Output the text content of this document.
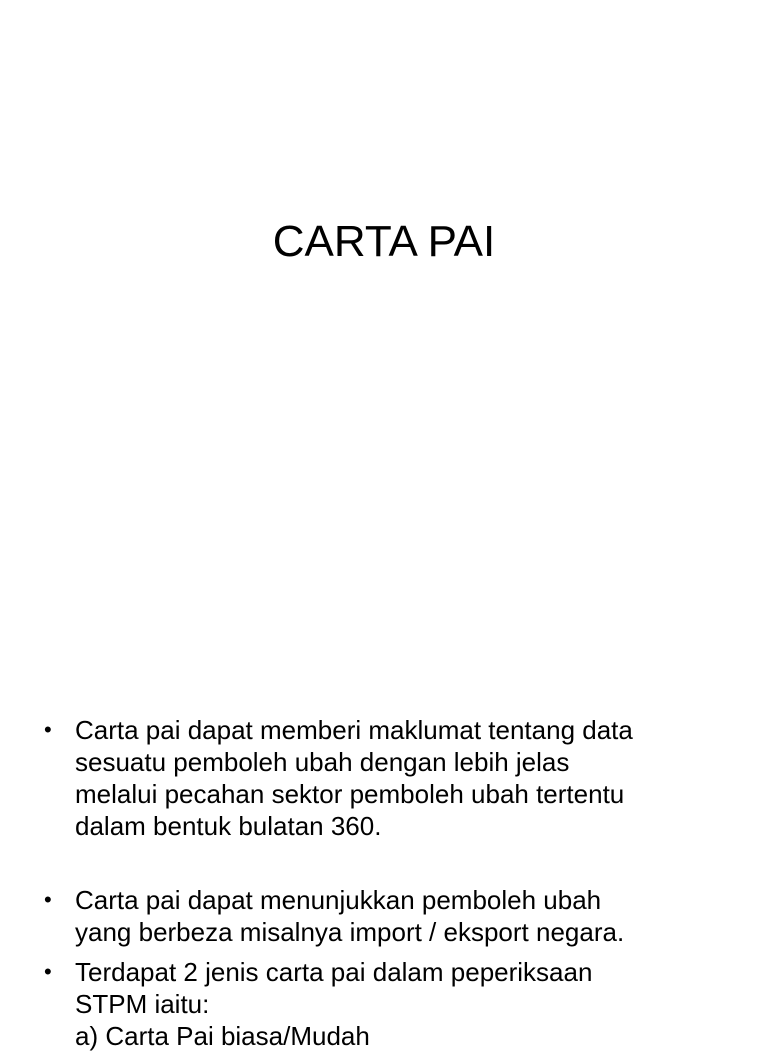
CARTA PAI
• Carta pai dapat memberi maklumat tentang data
sesuatu pemboleh ubah dengan lebih jelas
melalui pecahan sektor pemboleh ubah tertentu
dalam bentuk bulatan 360.
• Carta pai dapat menunjukkan pemboleh ubah
yang berbeza misalnya import / eksport negara.
• Terdapat 2 jenis carta pai dalam peperiksaan
STPM iaitu:
a) Carta Pai biasa/Mudah
